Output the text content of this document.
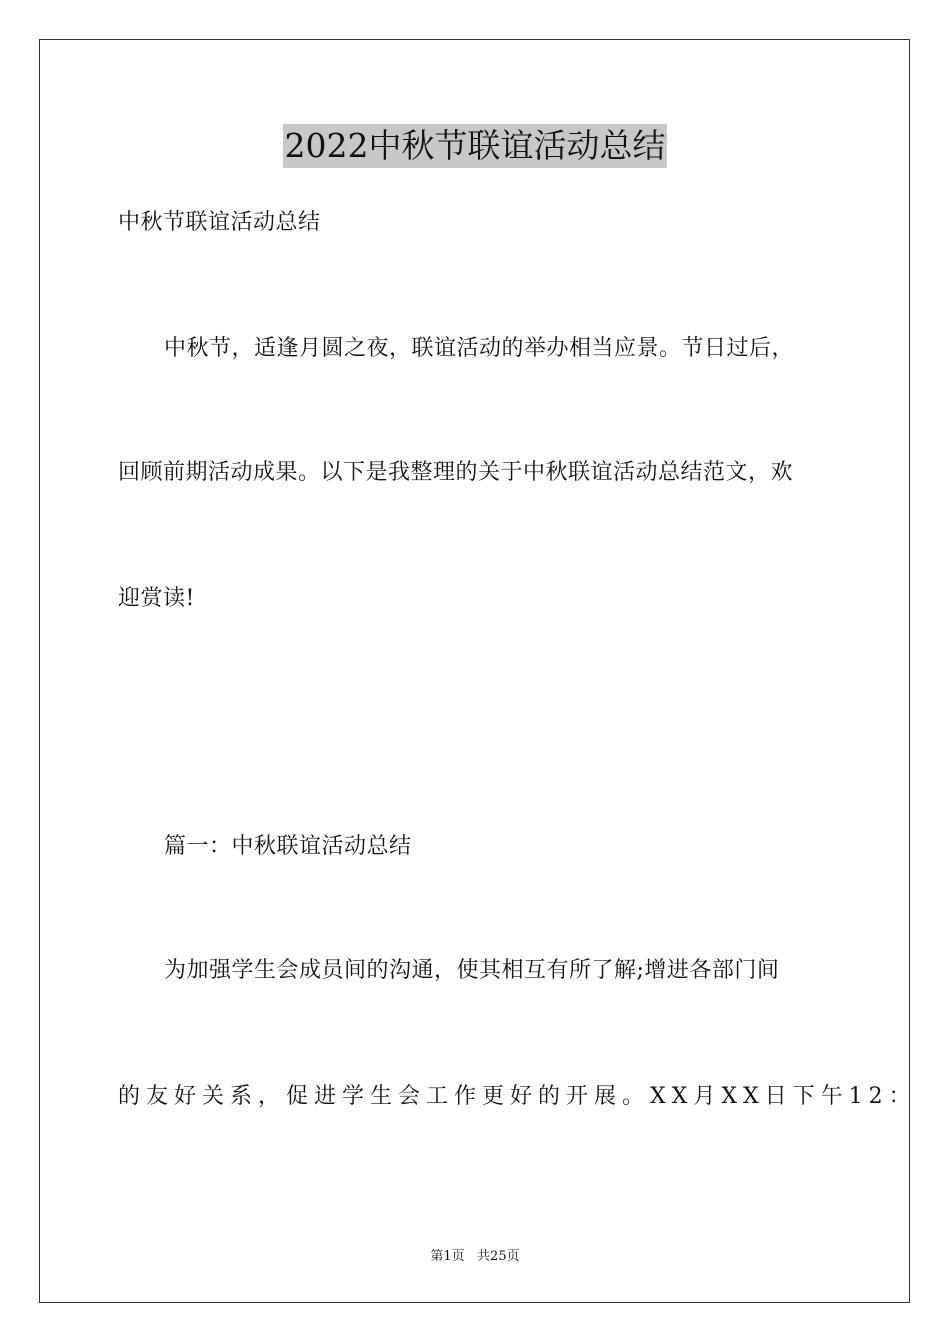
2022中秋节联谊活动总结
中秋节联谊活动总结
中秋节，适逢月圆之夜，联谊活动的举办相当应景。节日过后，
回顾前期活动成果。以下是我整理的关于中秋联谊活动总结范文，欢
迎赏读!
篇一：中秋联谊活动总结
为加强学生会成员间的沟通，使其相互有所了解;增进各部门间
的友好关系，促进学生会工作更好的开展。XX月XX日下午12：
第1页   共25页
